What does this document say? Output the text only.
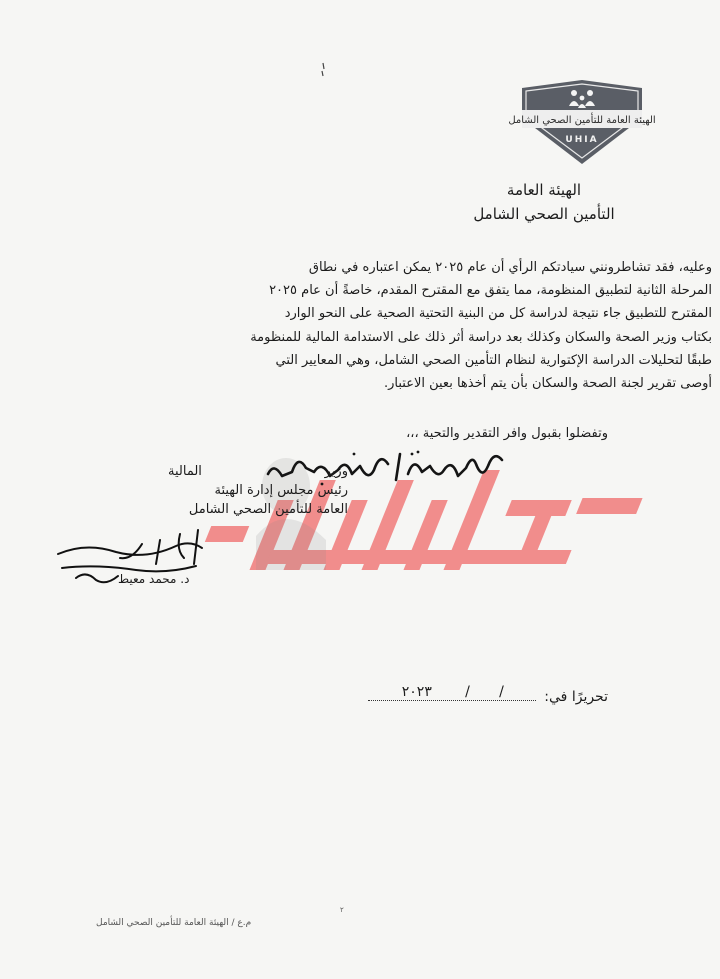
الهيئة العامة للتأمين الصحي الشامل
UHIA
الهيئة العامة
التأمين الصحي الشامل

وعليه، فقد تشاطرونني سيادتكم الرأي أن عام ٢٠٢٥ يمكن اعتباره في نطاق

المرحلة الثانية لتطبيق المنظومة، مما يتفق مع المقترح المقدم، خاصةً أن عام ٢٠٢٥

المقترح للتطبيق جاء نتيجة لدراسة كل من البنية التحتية الصحية على النحو الوارد

بكتاب وزير الصحة والسكان وكذلك بعد دراسة أثر ذلك على الاستدامة المالية للمنظومة

طبقًا لتحليلات الدراسة الإكتوارية لنظام التأمين الصحي الشامل، وهي المعايير التي

أوصى تقرير لجنة الصحة والسكان بأن يتم أخذها بعين الاعتبار.

وتفضلوا بقبول وافر التقدير والتحية ،،،
وزير
المالية
رئيس مجلس إدارة الهيئة
العامة للتأمين الصحي الشامل
د. محمد معيط
تحريرًا في:
/
/
٢٠٢٣
٢
م.ع / الهيئة العامة للتأمين الصحي الشامل
